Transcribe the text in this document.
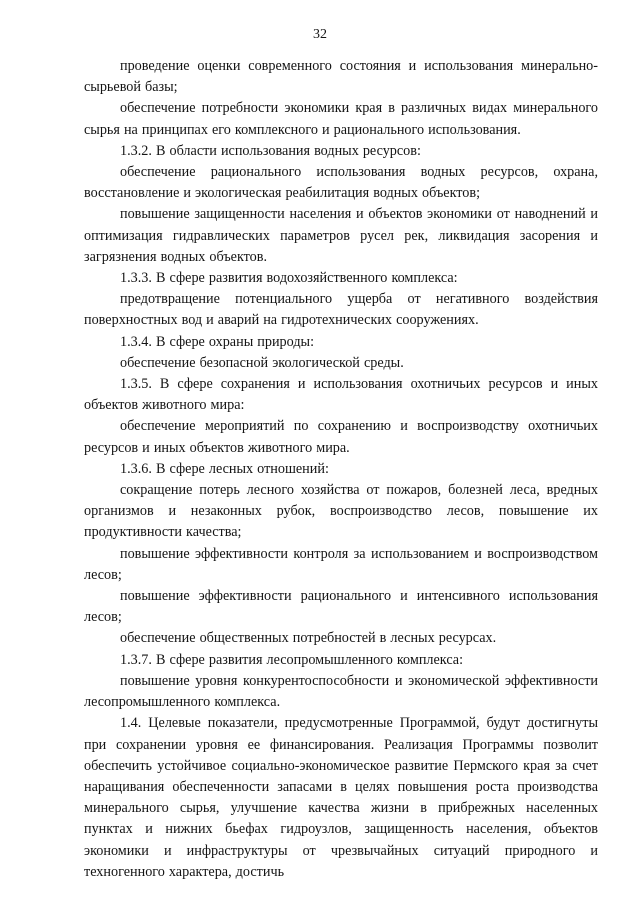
32

проведение оценки современного состояния и использования минерально-сырьевой базы;

обеспечение потребности экономики края в различных видах минерального сырья на принципах его комплексного и рационального использования.

1.3.2. В области использования водных ресурсов:

обеспечение рационального использования водных ресурсов, охрана, восстановление и экологическая реабилитация водных объектов;

повышение защищенности населения и объектов экономики от наводнений и оптимизация гидравлических параметров русел рек, ликвидация засорения и загрязнения водных объектов.

1.3.3. В сфере развития водохозяйственного комплекса:

предотвращение потенциального ущерба от негативного воздействия поверхностных вод и аварий на гидротехнических сооружениях.

1.3.4. В сфере охраны природы:

обеспечение безопасной экологической среды.

1.3.5. В сфере сохранения и использования охотничьих ресурсов и иных объектов животного мира:

обеспечение мероприятий по сохранению и воспроизводству охотничьих ресурсов и иных объектов животного мира.

1.3.6. В сфере лесных отношений:

сокращение потерь лесного хозяйства от пожаров, болезней леса, вредных организмов и незаконных рубок, воспроизводство лесов, повышение их продуктивности качества;

повышение эффективности контроля за использованием и воспроизводством лесов;

повышение эффективности рационального и интенсивного использования лесов;

обеспечение общественных потребностей в лесных ресурсах.

1.3.7. В сфере развития лесопромышленного комплекса:

повышение уровня конкурентоспособности и экономической эффективности лесопромышленного комплекса.

1.4. Целевые показатели, предусмотренные Программой, будут достигнуты при сохранении уровня ее финансирования. Реализация Программы позволит обеспечить устойчивое социально-экономическое развитие Пермского края за счет наращивания обеспеченности запасами в целях повышения роста производства минерального сырья, улучшение качества жизни в прибрежных населенных пунктах и нижних бьефах гидроузлов, защищенность населения, объектов экономики и инфраструктуры от чрезвычайных ситуаций природного и техногенного характера, достичь
